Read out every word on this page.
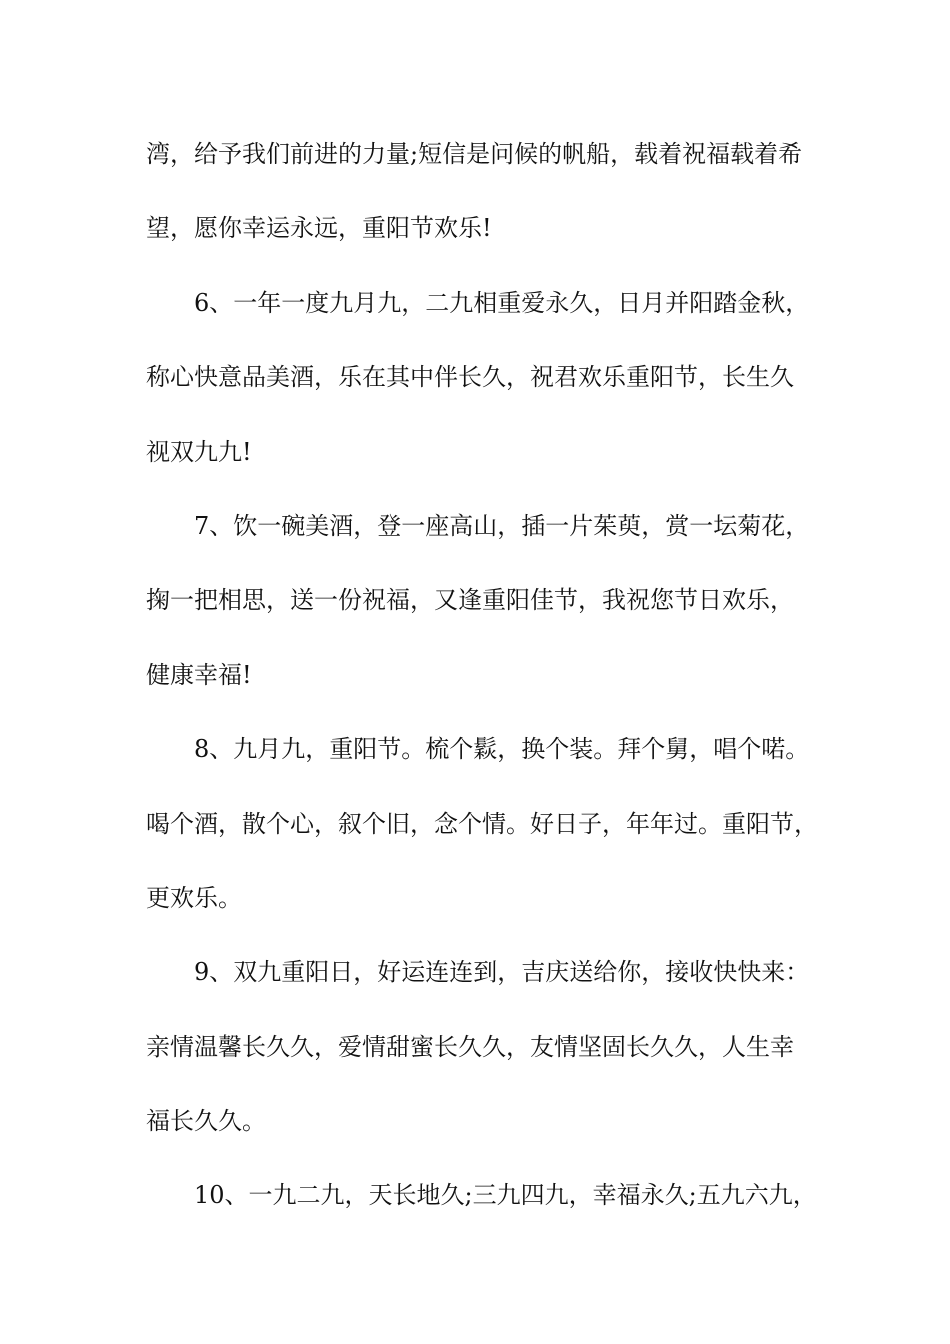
湾，给予我们前进的力量;短信是问候的帆船，载着祝福载着希
望，愿你幸运永远，重阳节欢乐!
6、一年一度九月九，二九相重爱永久，日月并阳踏金秋，
称心快意品美酒，乐在其中伴长久，祝君欢乐重阳节，长生久
视双九九!
7、饮一碗美酒，登一座高山，插一片茱萸，赏一坛菊花，
掬一把相思，送一份祝福，又逢重阳佳节，我祝您节日欢乐，
健康幸福!
8、九月九，重阳节。梳个鬏，换个装。拜个舅，唱个喏。
喝个酒，散个心，叙个旧，念个情。好日子，年年过。重阳节，
更欢乐。
9、双九重阳日，好运连连到，吉庆送给你，接收快快来：
亲情温馨长久久，爱情甜蜜长久久，友情坚固长久久，人生幸
福长久久。
10、一九二九，天长地久;三九四九，幸福永久;五九六九，
